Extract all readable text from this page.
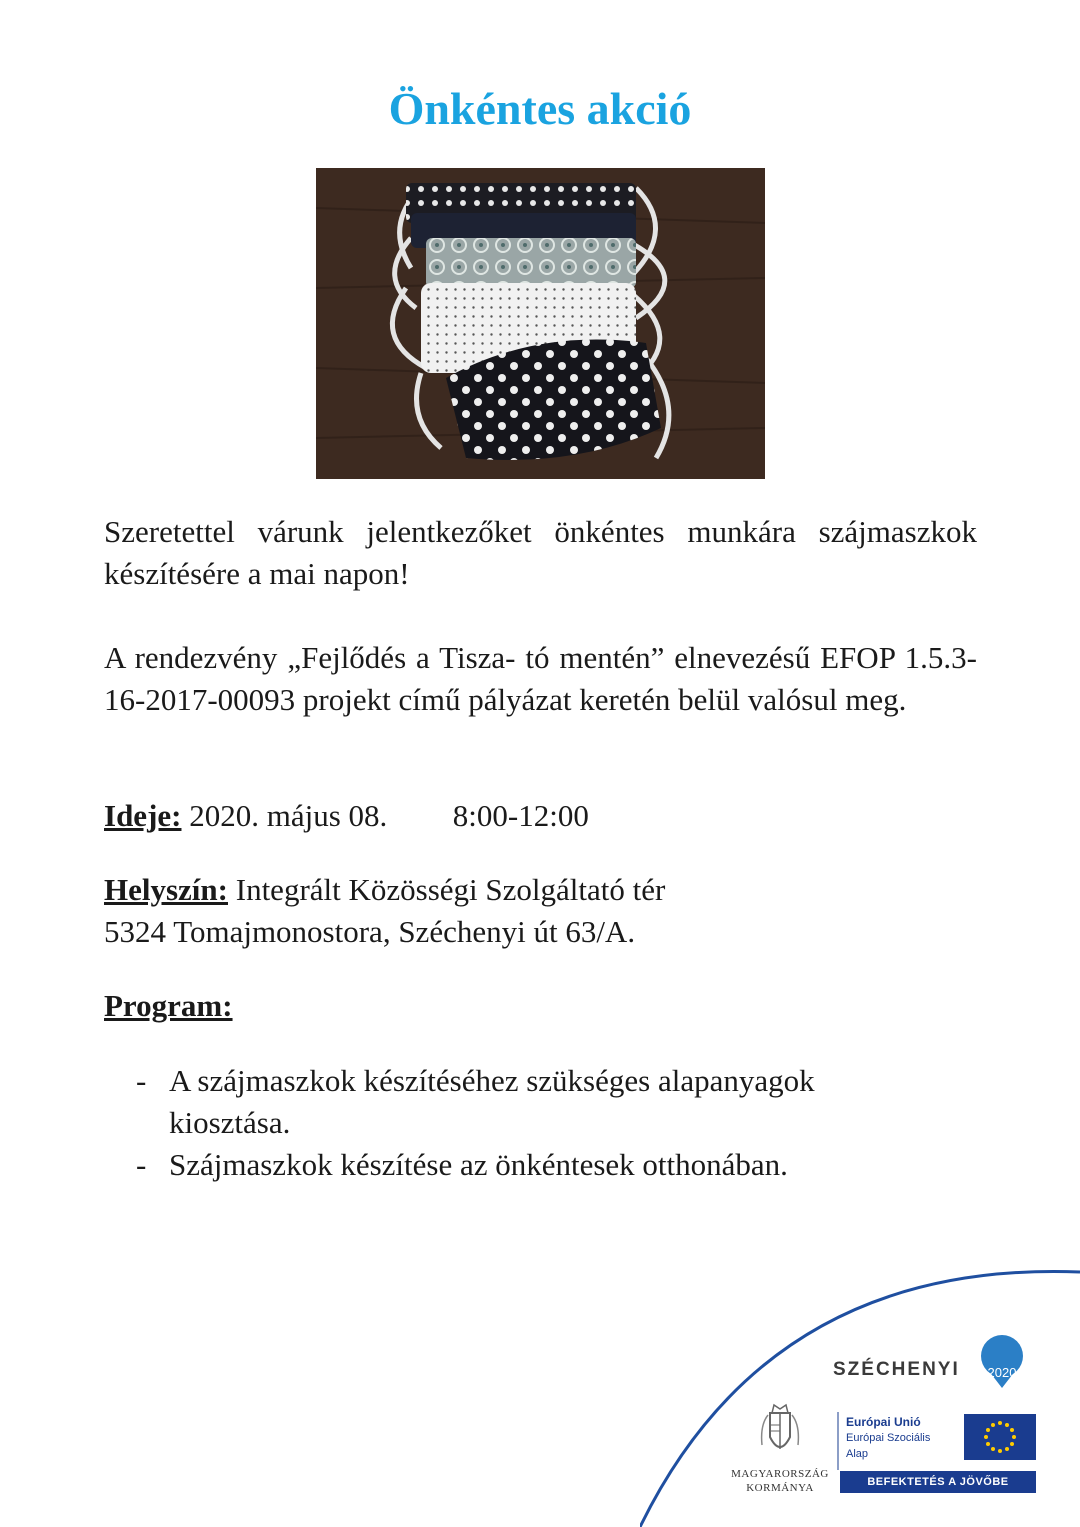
Önkéntes akció
Szeretettel várunk jelentkezőket önkéntes munkára szájmaszkok készítésére a mai napon!
A rendezvény „Fejlődés a Tisza- tó mentén” elnevezésű EFOP 1.5.3-16-2017-00093 projekt című pályázat keretén belül valósul meg.
Ideje: 2020. május 08. 8:00-12:00
Helyszín: Integrált Közösségi Szolgáltató tér
5324 Tomajmonostora, Széchenyi út 63/A.
Program:
- A szájmaszkok készítéséhez szükséges alapanyagok
kiosztása.
- Szájmaszkok készítése az önkéntesek otthonában.
SZÉCHENYI	2020
Európai Unió
Európai Szociális
Alap
BEFEKTETÉS A JÖVŐBE
MAGYARORSZÁG
KORMÁNYA
